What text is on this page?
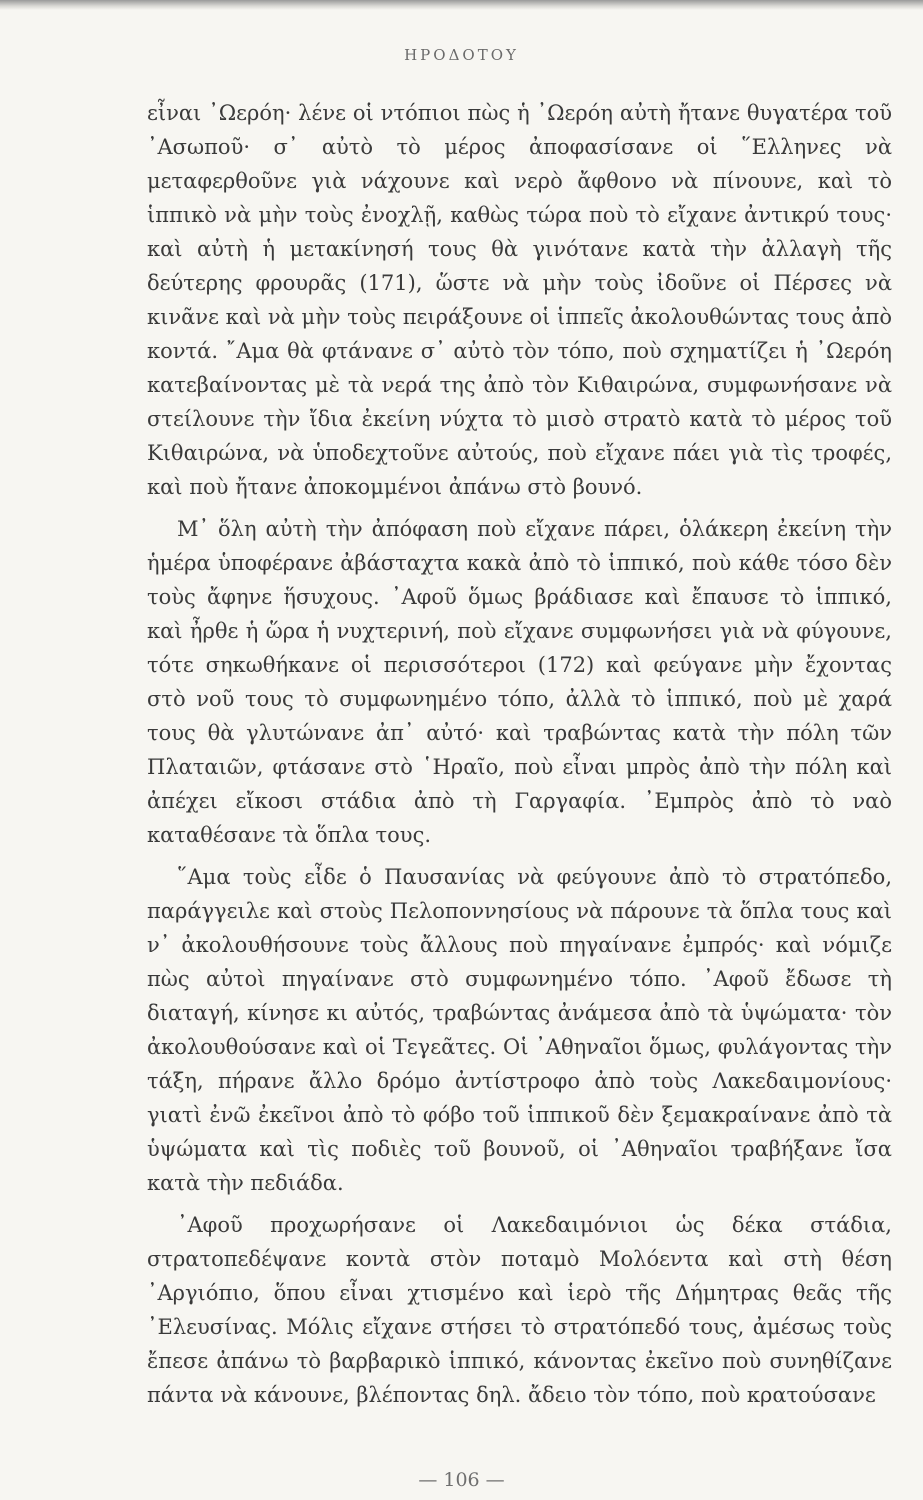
ΗΡΟΔΟΤΟΥ

εἶναι ᾽Ωερόη· λένε οἱ ντόπιοι πὼς ἡ ᾽Ωερόη αὐτὴ ἤτανε θυγατέρα τοῦ ᾽Ασωποῦ· σ᾽ αὐτὸ τὸ μέρος ἀποφασίσανε οἱ ῞Ελληνες νὰ μεταφερθοῦνε γιὰ νάχουνε καὶ νερὸ ἄφθονο νὰ πίνουνε, καὶ τὸ ἱππικὸ νὰ μὴν τοὺς ἐνοχλῇ, καθὼς τώρα ποὺ τὸ εἴχανε ἀντικρύ τους· καὶ αὐτὴ ἡ μετακίνησή τους θὰ γινότανε κατὰ τὴν ἀλλαγὴ τῆς δεύτερης φρουρᾶς (171), ὥστε νὰ μὴν τοὺς ἰδοῦνε οἱ Πέρσες νὰ κινᾶνε καὶ νὰ μὴν τοὺς πειράξουνε οἱ ἱππεῖς ἀκολουθώντας τους ἀπὸ κοντά. ῎Αμα θὰ φτάνανε σ᾽ αὐτὸ τὸν τόπο, ποὺ σχηματίζει ἡ ᾽Ωερόη κατεβαίνοντας μὲ τὰ νερά της ἀπὸ τὸν Κιθαιρώνα, συμφωνήσανε νὰ στείλουνε τὴν ἴδια ἐκείνη νύχτα τὸ μισὸ στρατὸ κατὰ τὸ μέρος τοῦ Κιθαιρώνα, νὰ ὑποδεχτοῦνε αὐτούς, ποὺ εἴχανε πάει γιὰ τὶς τροφές, καὶ ποὺ ἤτανε ἀποκομμένοι ἀπάνω στὸ βουνό.

Μ᾽ ὅλη αὐτὴ τὴν ἀπόφαση ποὺ εἴχανε πάρει, ὁλάκερη ἐκείνη τὴν ἡμέρα ὑποφέρανε ἀβάσταχτα κακὰ ἀπὸ τὸ ἱππικό, ποὺ κάθε τόσο δὲν τοὺς ἄφηνε ἥσυχους. ᾽Αφοῦ ὅμως βράδιασε καὶ ἔπαυσε τὸ ἱππικό, καὶ ἦρθε ἡ ὥρα ἡ νυχτερινή, ποὺ εἴχανε συμφωνήσει γιὰ νὰ φύγουνε, τότε σηκωθήκανε οἱ περισσότεροι (172) καὶ φεύγανε μὴν ἔχοντας στὸ νοῦ τους τὸ συμφωνημένο τόπο, ἀλλὰ τὸ ἱππικό, ποὺ μὲ χαρά τους θὰ γλυτώνανε ἀπ᾽ αὐτό· καὶ τραβώντας κατὰ τὴν πόλη τῶν Πλαταιῶν, φτάσανε στὸ ῾Ηραῖο, ποὺ εἶναι μπρὸς ἀπὸ τὴν πόλη καὶ ἀπέχει εἴκοσι στάδια ἀπὸ τὴ Γαργαφία. ᾽Εμπρὸς ἀπὸ τὸ ναὸ καταθέσανε τὰ ὅπλα τους.

῞Αμα τοὺς εἶδε ὁ Παυσανίας νὰ φεύγουνε ἀπὸ τὸ στρατόπεδο, παράγγειλε καὶ στοὺς Πελοποννησίους νὰ πάρουνε τὰ ὅπλα τους καὶ ν᾽ ἀκολουθήσουνε τοὺς ἄλλους ποὺ πηγαίνανε ἐμπρός· καὶ νόμιζε πὼς αὐτοὶ πηγαίνανε στὸ συμφωνημένο τόπο. ᾽Αφοῦ ἔδωσε τὴ διαταγή, κίνησε κι αὐτός, τραβώντας ἀνάμεσα ἀπὸ τὰ ὑψώματα· τὸν ἀκολουθούσανε καὶ οἱ Τεγεᾶτες. Οἱ ᾽Αθηναῖοι ὅμως, φυλάγοντας τὴν τάξη, πήρανε ἄλλο δρόμο ἀντίστροφο ἀπὸ τοὺς Λακεδαιμονίους· γιατὶ ἐνῶ ἐκεῖνοι ἀπὸ τὸ φόβο τοῦ ἱππικοῦ δὲν ξεμακραίνανε ἀπὸ τὰ ὑψώματα καὶ τὶς ποδιὲς τοῦ βουνοῦ, οἱ ᾽Αθηναῖοι τραβήξανε ἴσα κατὰ τὴν πεδιάδα.

᾽Αφοῦ προχωρήσανε οἱ Λακεδαιμόνιοι ὡς δέκα στάδια, στρατοπεδέψανε κοντὰ στὸν ποταμὸ Μολόεντα καὶ στὴ θέση ᾽Αργιόπιο, ὅπου εἶναι χτισμένο καὶ ἱερὸ τῆς Δήμητρας θεᾶς τῆς ᾽Ελευσίνας. Μόλις εἴχανε στήσει τὸ στρατόπεδό τους, ἀμέσως τοὺς ἔπεσε ἀπάνω τὸ βαρβαρικὸ ἱππικό, κάνοντας ἐκεῖνο ποὺ συνηθίζανε πάντα νὰ κάνουνε, βλέποντας δηλ. ἄδειο τὸν τόπο, ποὺ κρατούσανε

— 106 —
